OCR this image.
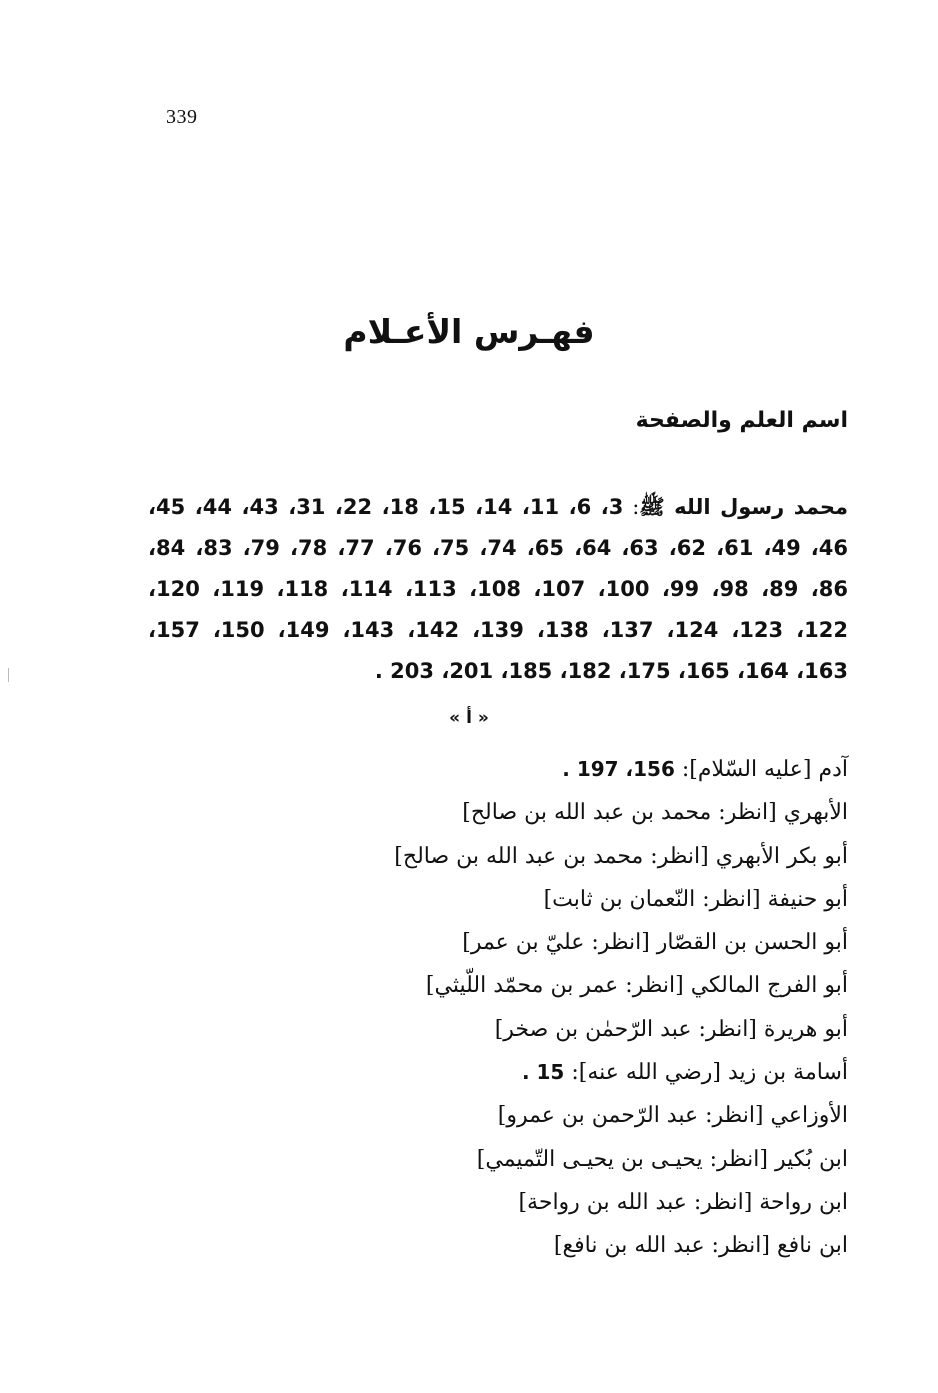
339
فهـرس الأعـلام
اسم العلم والصفحة
محمد رسول الله ﷺ: 3، 6، 11، 14، 15، 18، 22، 31، 43، 44، 45، 46، 49، 61، 62، 63، 64، 65، 74، 75، 76، 77، 78، 79، 83، 84، 86، 89، 98، 99، 100، 107، 108، 113، 114، 118، 119، 120، 122، 123، 124، 137، 138، 139، 142، 143، 149، 150، 157، 163، 164، 165، 175، 182، 185، 201، 203 .
« أ »
آدم [عليه السّلام]: 156، 197 .
الأبهري [انظر: محمد بن عبد الله بن صالح]
أبو بكر الأبهري [انظر: محمد بن عبد الله بن صالح]
أبو حنيفة [انظر: النّعمان بن ثابت]
أبو الحسن بن القصّار [انظر: عليّ بن عمر]
أبو الفرج المالكي [انظر: عمر بن محمّد اللّيثي]
أبو هريرة [انظر: عبد الرّحمٰن بن صخر]
أسامة بن زيد [رضي الله عنه]: 15 .
الأوزاعي [انظر: عبد الرّحمن بن عمرو]
ابن بُكير [انظر: يحيـى بن يحيـى التّميمي]
ابن رواحة [انظر: عبد الله بن رواحة]
ابن نافع [انظر: عبد الله بن نافع]
